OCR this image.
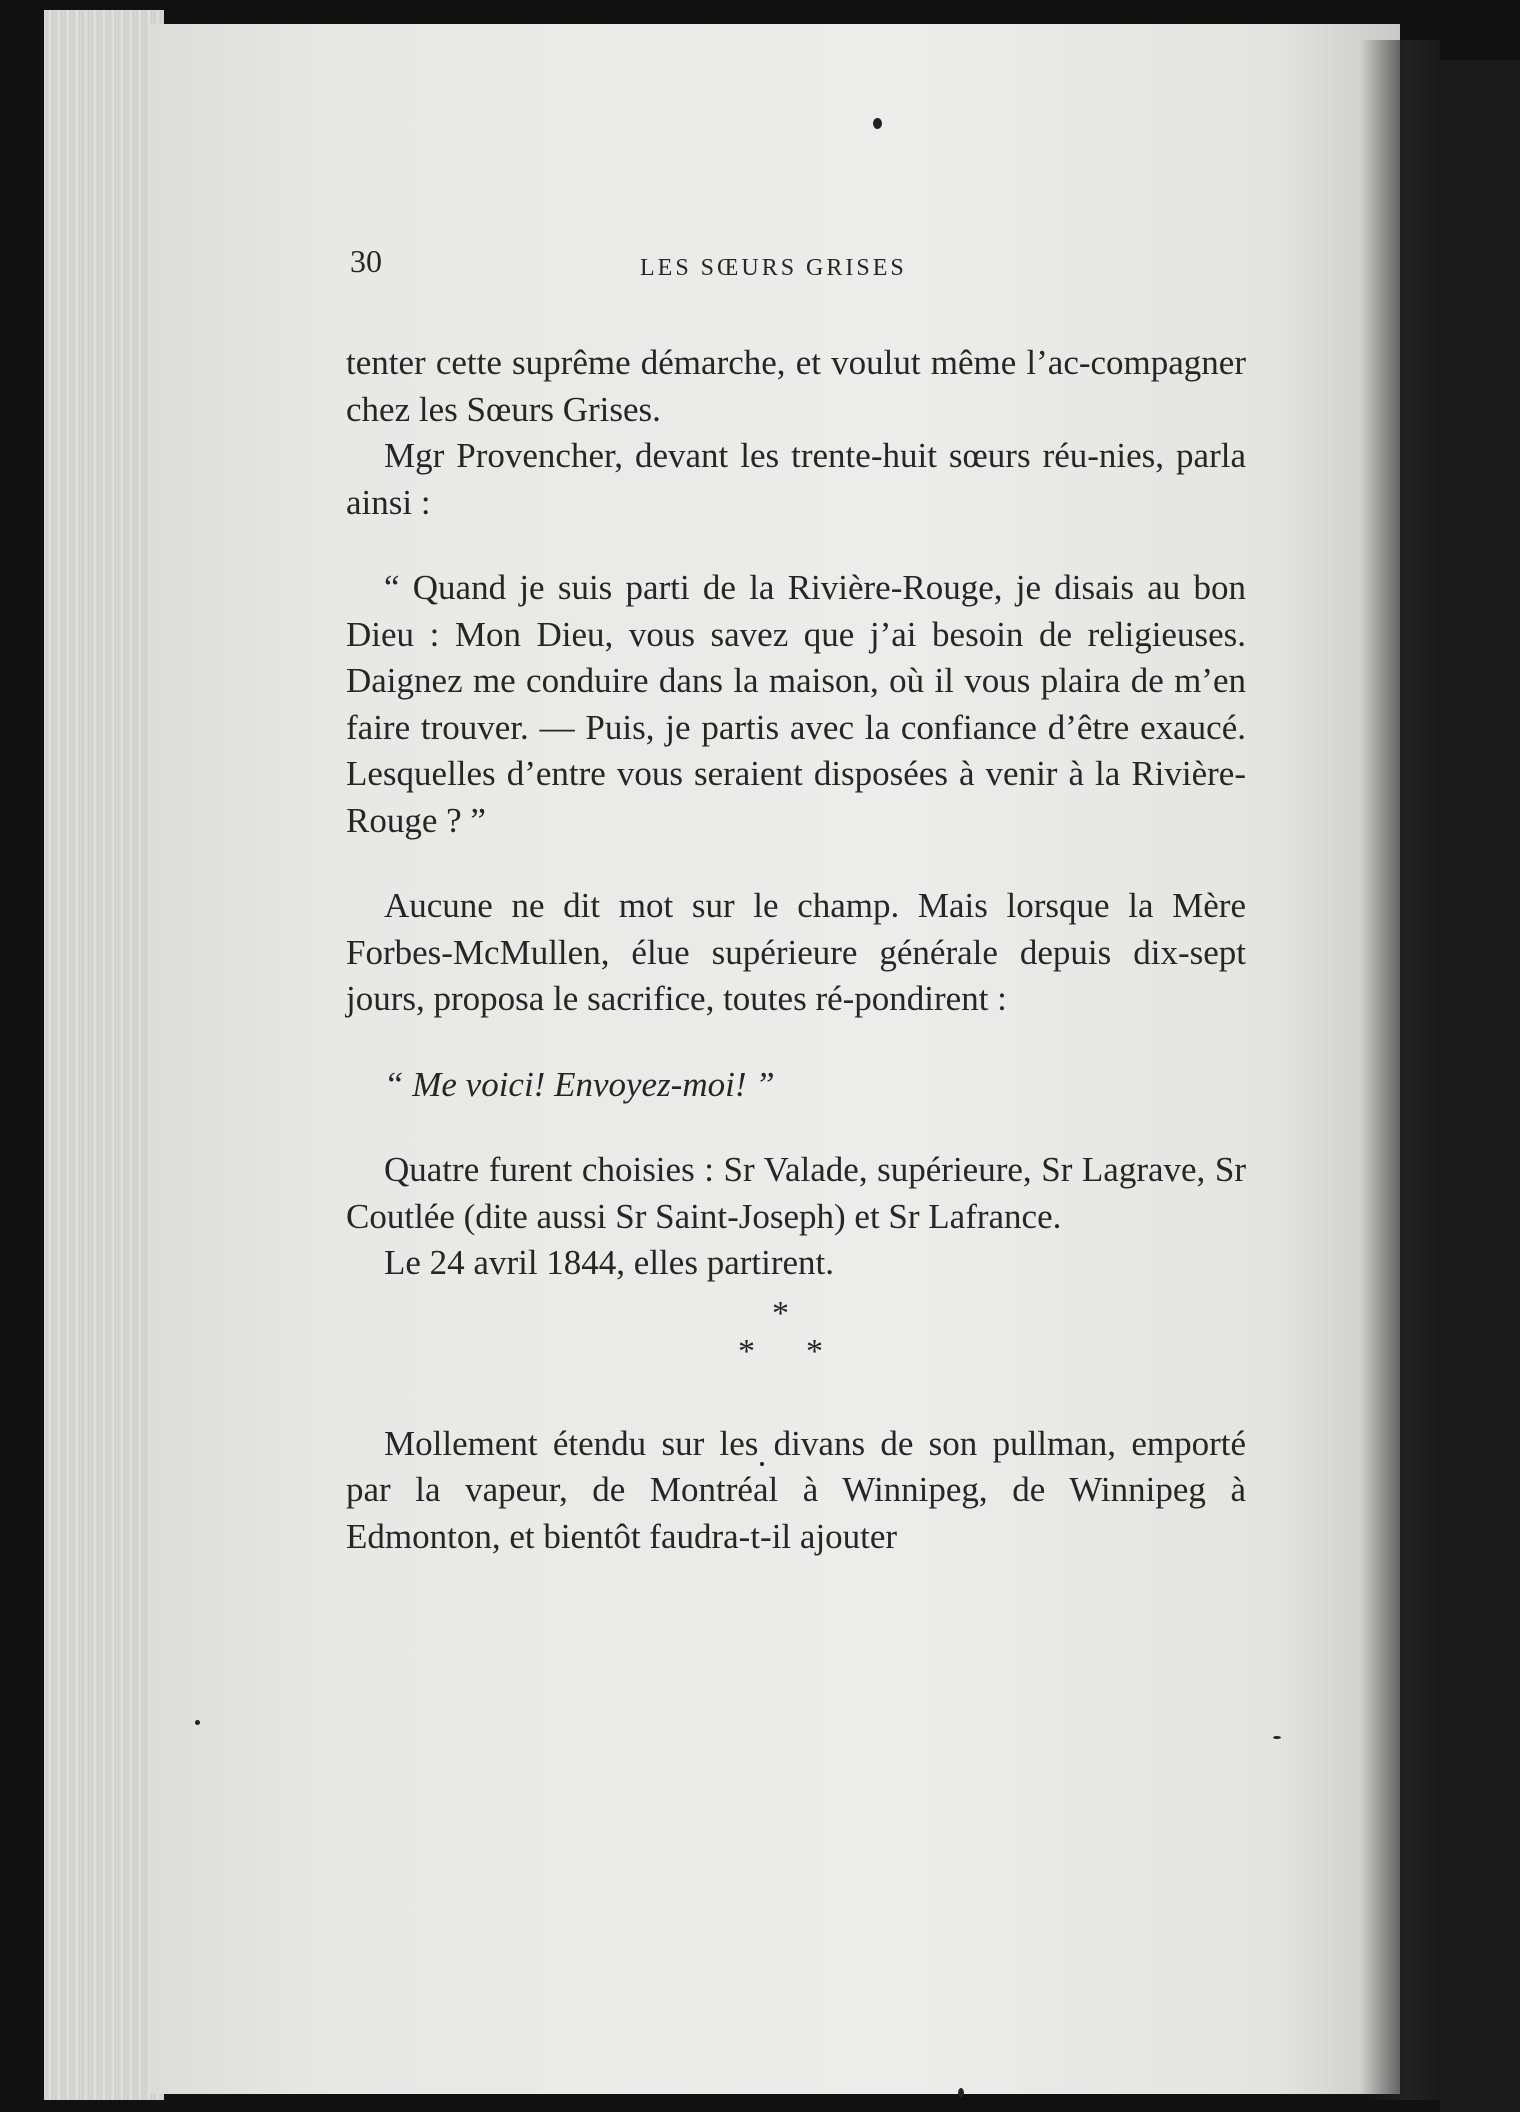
30	LES SŒURS GRISES

tenter cette suprême démarche, et voulut même l’ac-compagner chez les Sœurs Grises.

Mgr Provencher, devant les trente-huit sœurs réu-nies, parla ainsi :

“ Quand je suis parti de la Rivière-Rouge, je disais au bon Dieu : Mon Dieu, vous savez que j’ai besoin de religieuses. Daignez me conduire dans la maison, où il vous plaira de m’en faire trouver. — Puis, je partis avec la confiance d’être exaucé. Lesquelles d’entre vous seraient disposées à venir à la Rivière-Rouge ? ”

Aucune ne dit mot sur le champ. Mais lorsque la Mère Forbes-McMullen, élue supérieure générale depuis dix-sept jours, proposa le sacrifice, toutes ré-pondirent :

“ Me voici! Envoyez-moi! ”

Quatre furent choisies : Sr Valade, supérieure, Sr Lagrave, Sr Coutlée (dite aussi Sr Saint-Joseph) et Sr Lafrance.

Le 24 avril 1844, elles partirent.

*
* *

Mollement étendu sur les divans de son pullman, emporté par la vapeur, de Montréal à Winnipeg, de Winnipeg à Edmonton, et bientôt faudra-t-il ajouter
